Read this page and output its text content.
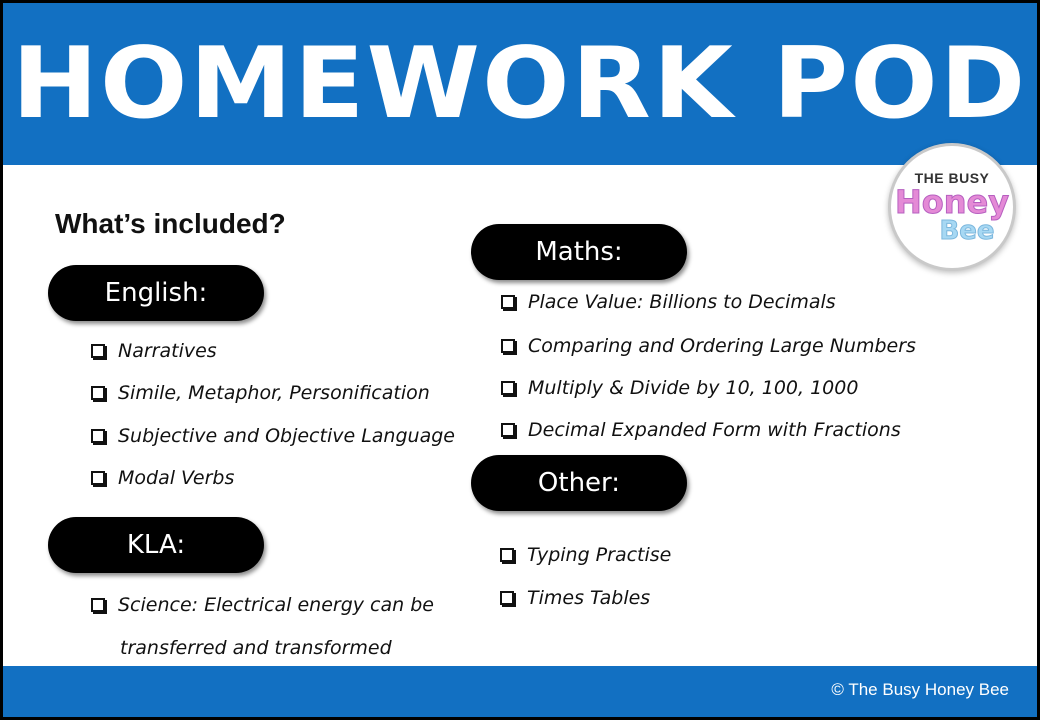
HOMEWORK POD
THE BUSY
Honey
Bee
What’s included?
English:
Narratives
Simile, Metaphor, Personification
Subjective and Objective Language
Modal Verbs
KLA:
Science: Electrical energy can be
transferred and transformed
Maths:
Place Value: Billions to Decimals
Comparing and Ordering Large Numbers
Multiply & Divide by 10, 100, 1000
Decimal Expanded Form with Fractions
Other:
Typing Practise
Times Tables
© The Busy Honey Bee
